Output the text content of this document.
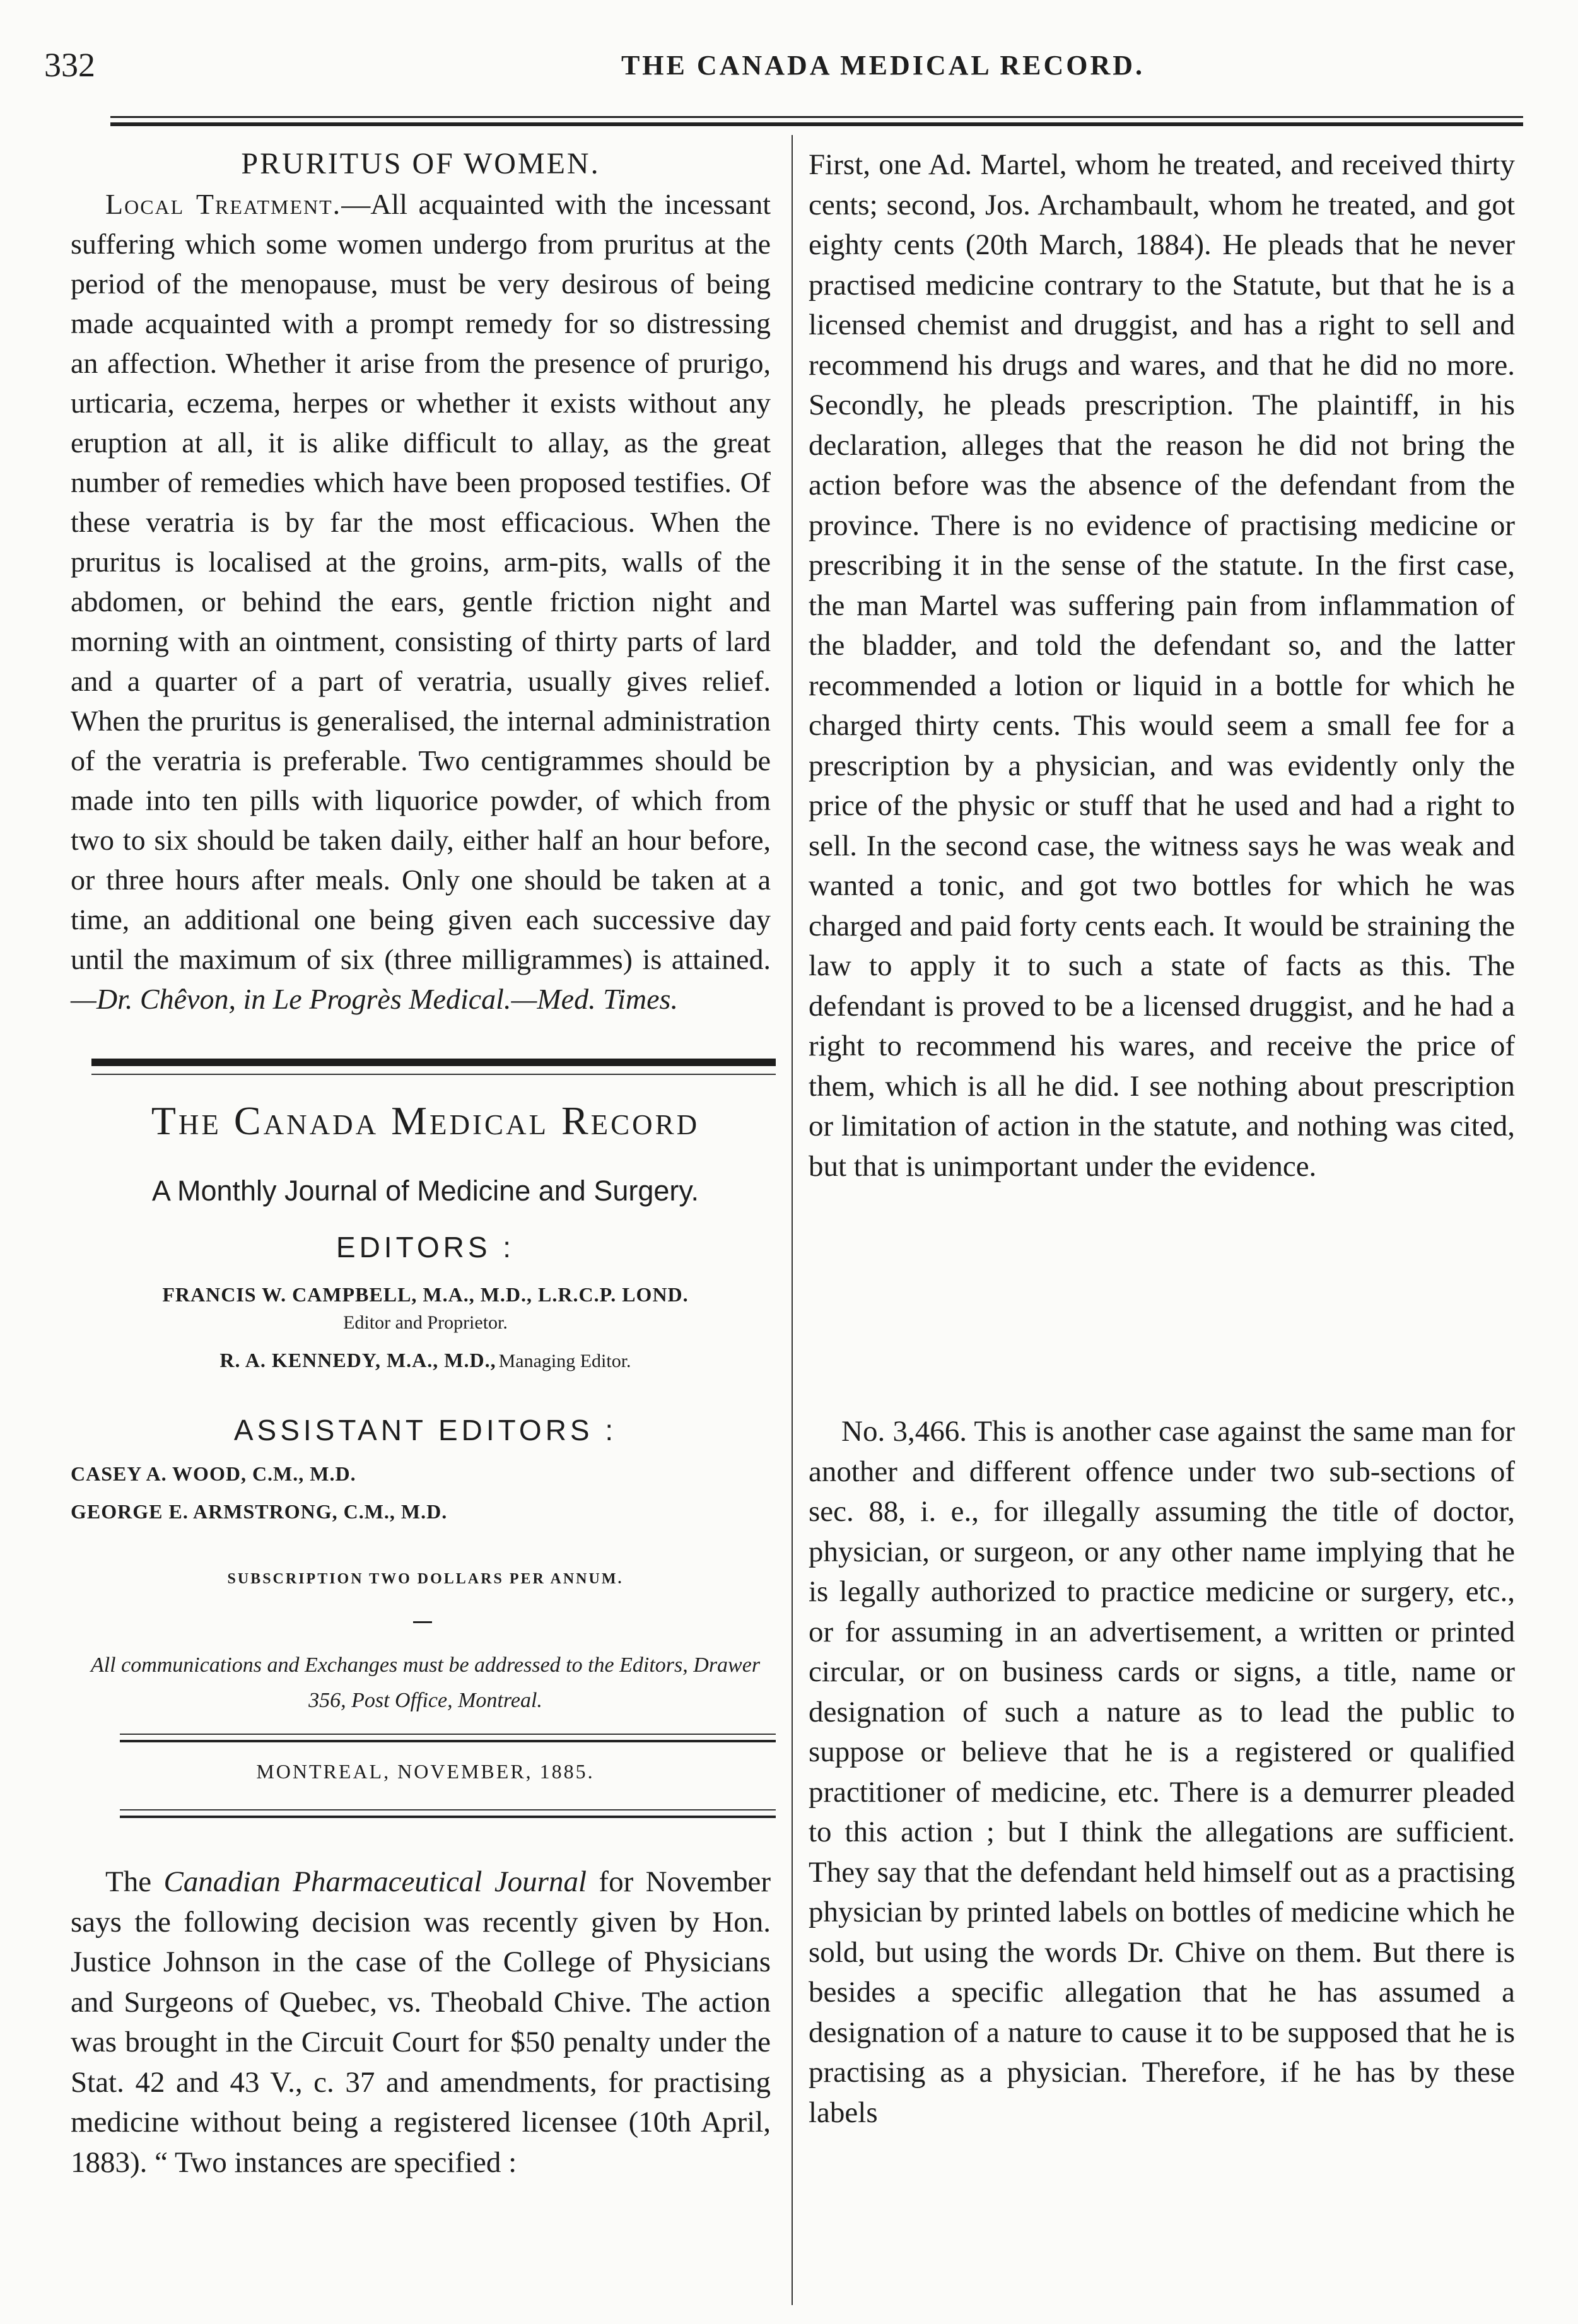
332	THE CANADA MEDICAL RECORD.
PRURITUS OF WOMEN.
Local Treatment.—All acquainted with the incessant suffering which some women undergo from pruritus at the period of the menopause, must be very desirous of being made acquainted with a prompt remedy for so distressing an affection. Whether it arise from the presence of prurigo, urticaria, eczema, herpes or whether it exists without any eruption at all, it is alike difficult to allay, as the great number of remedies which have been proposed testifies. Of these veratria is by far the most efficacious. When the pruritus is localised at the groins, arm-pits, walls of the abdomen, or behind the ears, gentle friction night and morning with an ointment, consisting of thirty parts of lard and a quarter of a part of veratria, usually gives relief. When the pruritus is generalised, the internal administration of the veratria is preferable. Two centigrammes should be made into ten pills with liquorice powder, of which from two to six should be taken daily, either half an hour before, or three hours after meals. Only one should be taken at a time, an additional one being given each successive day until the maximum of six (three milligrammes) is attained.—Dr. Chêvon, in Le Progrès Medical.—Med. Times.
The Canada Medical Record
A Monthly Journal of Medicine and Surgery.
EDITORS :
FRANCIS W. CAMPBELL, M.A., M.D., L.R.C.P. LOND.
Editor and Proprietor.
R. A. KENNEDY, M.A., M.D., Managing Editor.
ASSISTANT EDITORS :
CASEY A. WOOD, C.M., M.D.
GEORGE E. ARMSTRONG, C.M., M.D.
SUBSCRIPTION TWO DOLLARS PER ANNUM.
All communications and Exchanges must be addressed to the Editors, Drawer 356, Post Office, Montreal.
MONTREAL, NOVEMBER, 1885.
The Canadian Pharmaceutical Journal for November says the following decision was recently given by Hon. Justice Johnson in the case of the College of Physicians and Surgeons of Quebec, vs. Theobald Chive. The action was brought in the Circuit Court for $50 penalty under the Stat. 42 and 43 V., c. 37 and amendments, for practising medicine without being a registered licensee (10th April, 1883). “ Two instances are specified :
First, one Ad. Martel, whom he treated, and received thirty cents; second, Jos. Archambault, whom he treated, and got eighty cents (20th March, 1884). He pleads that he never practised medicine contrary to the Statute, but that he is a licensed chemist and druggist, and has a right to sell and recommend his drugs and wares, and that he did no more. Secondly, he pleads prescription. The plaintiff, in his declaration, alleges that the reason he did not bring the action before was the absence of the defendant from the province. There is no evidence of practising medicine or prescribing it in the sense of the statute. In the first case, the man Martel was suffering pain from inflammation of the bladder, and told the defendant so, and the latter recommended a lotion or liquid in a bottle for which he charged thirty cents. This would seem a small fee for a prescription by a physician, and was evidently only the price of the physic or stuff that he used and had a right to sell. In the second case, the witness says he was weak and wanted a tonic, and got two bottles for which he was charged and paid forty cents each. It would be straining the law to apply it to such a state of facts as this. The defendant is proved to be a licensed druggist, and he had a right to recommend his wares, and receive the price of them, which is all he did. I see nothing about prescription or limitation of action in the statute, and nothing was cited, but that is unimportant under the evidence.
No. 3,466. This is another case against the same man for another and different offence under two sub-sections of sec. 88, i. e., for illegally assuming the title of doctor, physician, or surgeon, or any other name implying that he is legally authorized to practice medicine or surgery, etc., or for assuming in an advertisement, a written or printed circular, or on business cards or signs, a title, name or designation of such a nature as to lead the public to suppose or believe that he is a registered or qualified practitioner of medicine, etc. There is a demurrer pleaded to this action ; but I think the allegations are sufficient. They say that the defendant held himself out as a practising physician by printed labels on bottles of medicine which he sold, but using the words Dr. Chive on them. But there is besides a specific allegation that he has assumed a designation of a nature to cause it to be supposed that he is practising as a physician. Therefore, if he has by these labels
